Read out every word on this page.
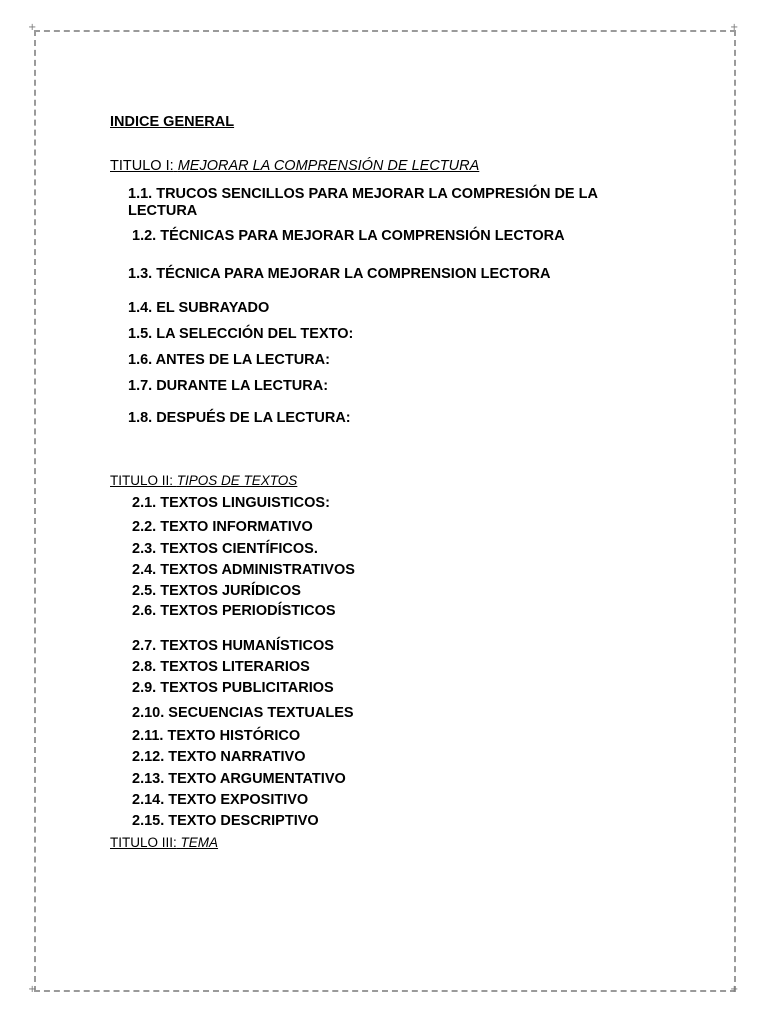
+	+
+	+
INDICE GENERAL
TITULO I: MEJORAR LA COMPRENSIÓN DE LECTURA
1.1. TRUCOS SENCILLOS PARA MEJORAR LA COMPRESIÓN DE LA LECTURA
1.2. TÉCNICAS PARA MEJORAR LA COMPRENSIÓN LECTORA
1.3. TÉCNICA PARA MEJORAR LA COMPRENSION LECTORA
1.4. EL SUBRAYADO
1.5. LA SELECCIÓN DEL TEXTO:
1.6. ANTES DE LA LECTURA:
1.7. DURANTE LA LECTURA:
1.8. DESPUÉS DE LA LECTURA:
TITULO II: TIPOS DE TEXTOS
2.1. TEXTOS LINGUISTICOS:
2.2. TEXTO INFORMATIVO
2.3. TEXTOS CIENTÍFICOS.
2.4. TEXTOS ADMINISTRATIVOS
2.5. TEXTOS JURÍDICOS
2.6. TEXTOS PERIODÍSTICOS
2.7. TEXTOS HUMANÍSTICOS
2.8. TEXTOS LITERARIOS
2.9. TEXTOS PUBLICITARIOS
2.10. SECUENCIAS TEXTUALES
2.11. TEXTO HISTÓRICO
2.12. TEXTO NARRATIVO
2.13. TEXTO ARGUMENTATIVO
2.14. TEXTO EXPOSITIVO
2.15. TEXTO DESCRIPTIVO
TITULO III: TEMA
